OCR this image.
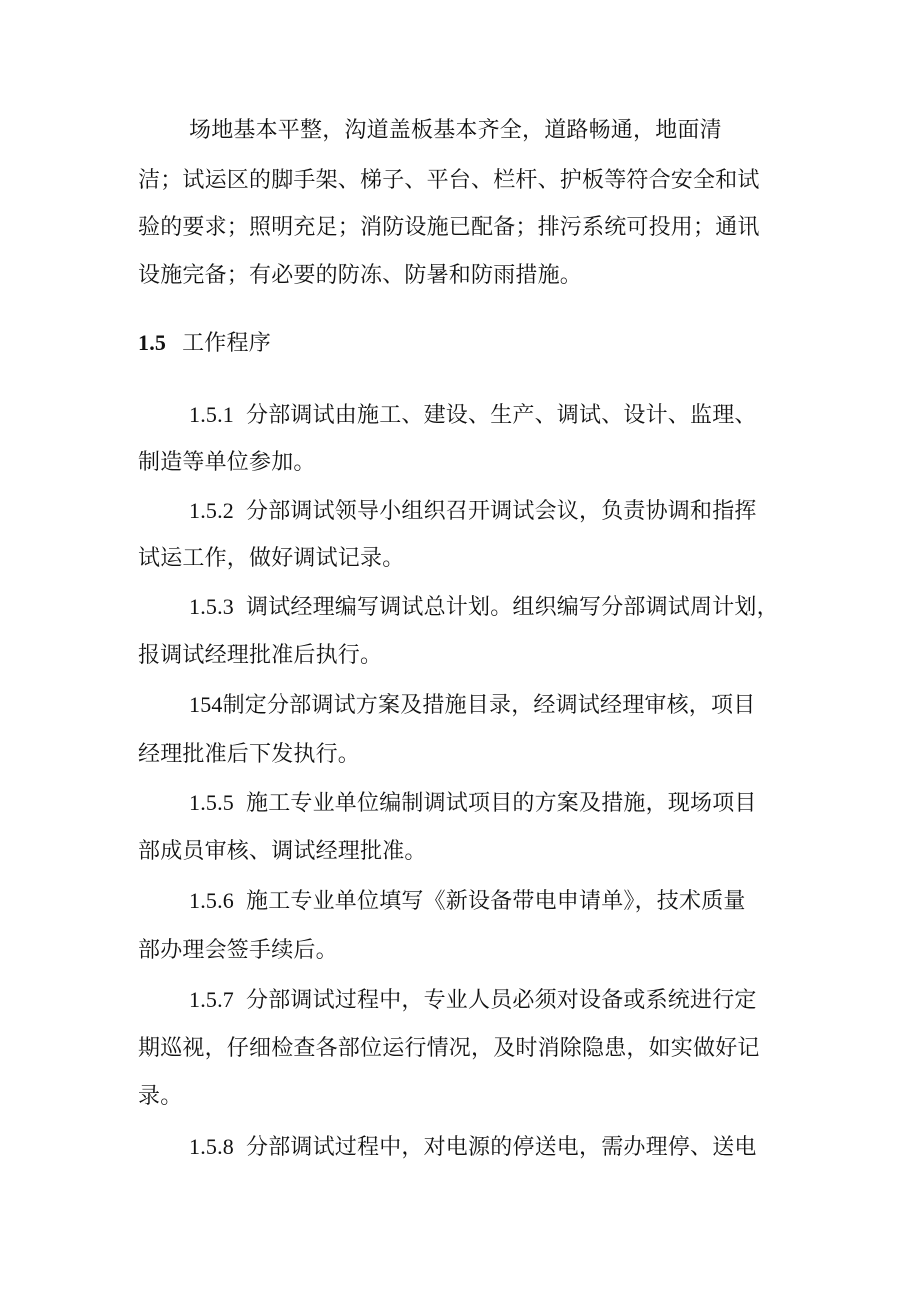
场地基本平整，沟道盖板基本齐全，道路畅通，地面清
洁；试运区的脚手架、梯子、平台、栏杆、护板等符合安全和试
验的要求；照明充足；消防设施已配备；排污系统可投用；通讯
设施完备；有必要的防冻、防暑和防雨措施。
1.5 工作程序
1.5.1 分部调试由施工、建设、生产、调试、设计、监理、
制造等单位参加。
1.5.2 分部调试领导小组织召开调试会议，负责协调和指挥
试运工作，做好调试记录。
1.5.3 调试经理编写调试总计划。组织编写分部调试周计划，
报调试经理批准后执行。
154制定分部调试方案及措施目录，经调试经理审核，项目
经理批准后下发执行。
1.5.5 施工专业单位编制调试项目的方案及措施，现场项目
部成员审核、调试经理批准。
1.5.6 施工专业单位填写《新设备带电申请单》，技术质量
部办理会签手续后。
1.5.7 分部调试过程中，专业人员必须对设备或系统进行定
期巡视，仔细检查各部位运行情况，及时消除隐患，如实做好记
录。
1.5.8 分部调试过程中，对电源的停送电，需办理停、送电
